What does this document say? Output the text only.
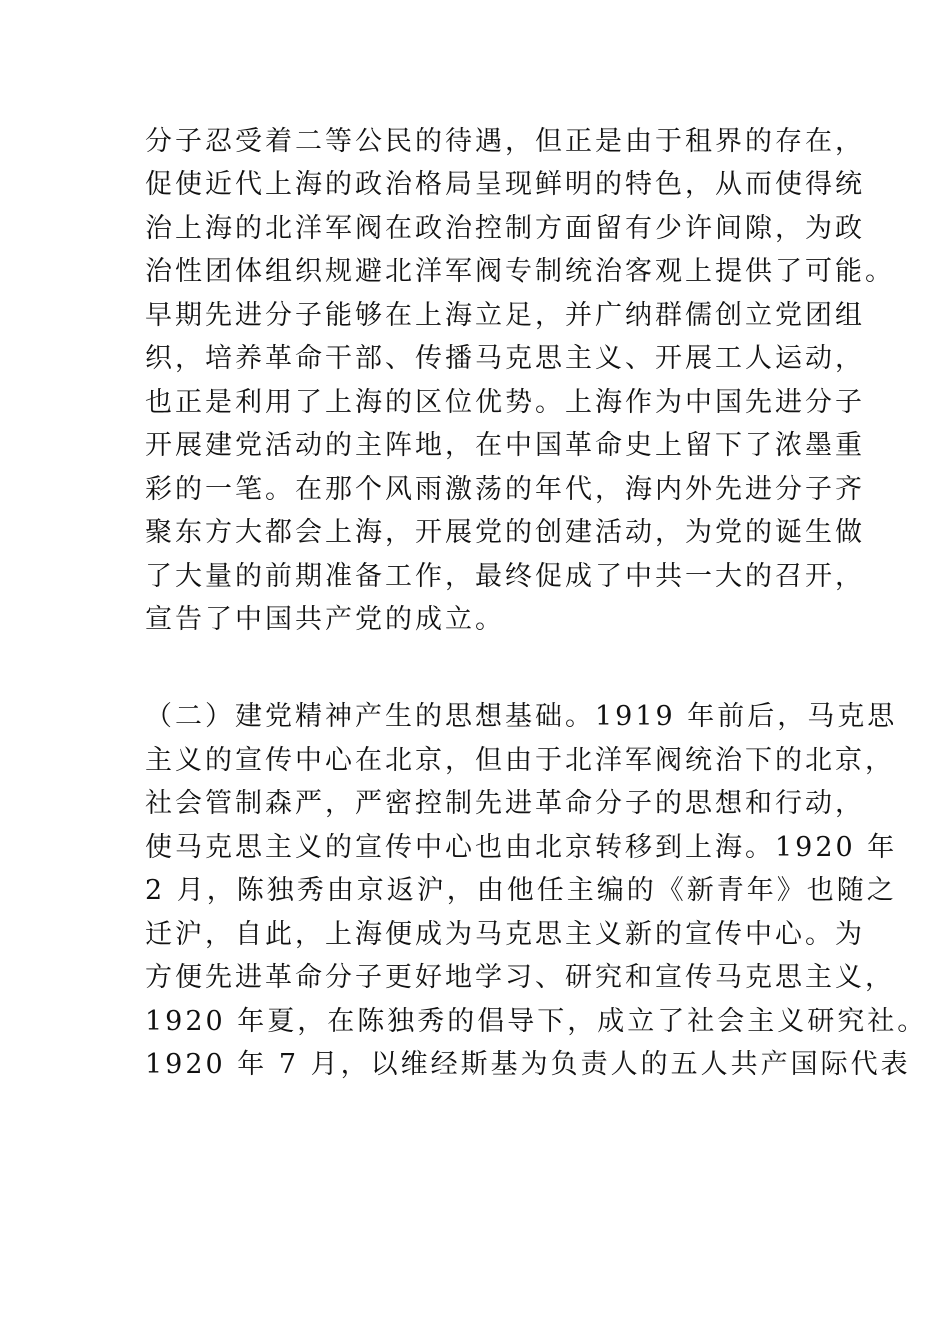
分子忍受着二等公民的待遇，但正是由于租界的存在，
促使近代上海的政治格局呈现鲜明的特色，从而使得统
治上海的北洋军阀在政治控制方面留有少许间隙，为政
治性团体组织规避北洋军阀专制统治客观上提供了可能。
早期先进分子能够在上海立足，并广纳群儒创立党团组
织，培养革命干部、传播马克思主义、开展工人运动，
也正是利用了上海的区位优势。上海作为中国先进分子
开展建党活动的主阵地，在中国革命史上留下了浓墨重
彩的一笔。在那个风雨激荡的年代，海内外先进分子齐
聚东方大都会上海，开展党的创建活动，为党的诞生做
了大量的前期准备工作，最终促成了中共一大的召开，
宣告了中国共产党的成立。
（二）建党精神产生的思想基础。1919 年前后，马克思
主义的宣传中心在北京，但由于北洋军阀统治下的北京，
社会管制森严，严密控制先进革命分子的思想和行动，
使马克思主义的宣传中心也由北京转移到上海。1920 年
2 月，陈独秀由京返沪，由他任主编的《新青年》也随之
迁沪，自此，上海便成为马克思主义新的宣传中心。为
方便先进革命分子更好地学习、研究和宣传马克思主义，
1920 年夏，在陈独秀的倡导下，成立了社会主义研究社。
1920 年 7 月，以维经斯基为负责人的五人共产国际代表
